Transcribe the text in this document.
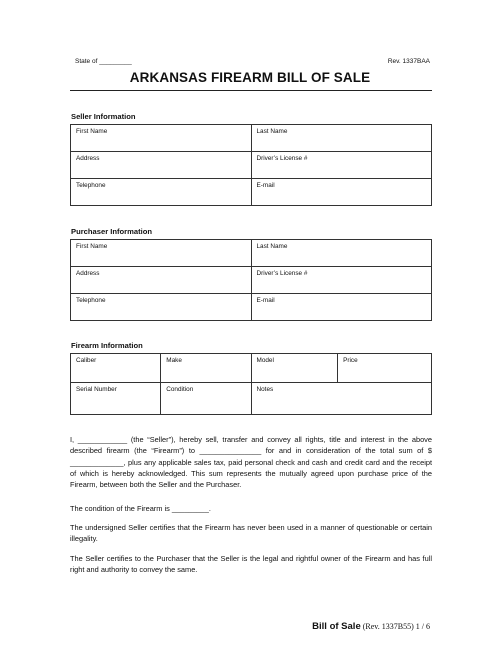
State of _________	Rev. 1337BAA
ARKANSAS FIREARM BILL OF SALE
Seller Information
First Name	Last Name
Address	Driver’s License #
Telephone	E-mail
Purchaser Information
First Name	Last Name
Address	Driver’s License #
Telephone	E-mail
Firearm Information
Caliber	Make	Model	Price
Serial Number	Condition	Notes	
I, ____________ (the “Seller”), hereby sell, transfer and convey all rights, title and interest in the above described firearm (the “Firearm”) to _______________ for and in consideration of the total sum of $ _____________, plus any applicable sales tax, paid personal check and cash and credit card and the receipt of which is hereby acknowledged. This sum represents the mutually agreed upon purchase price of the Firearm, between both the Seller and the Purchaser.
The condition of the Firearm is _________.
The undersigned Seller certifies that the Firearm has never been used in a manner of questionable or certain illegality.
The Seller certifies to the Purchaser that the Seller is the legal and rightful owner of the Firearm and has full right and authority to convey the same.
Bill of Sale (Rev. 1337B55) 1 / 6
